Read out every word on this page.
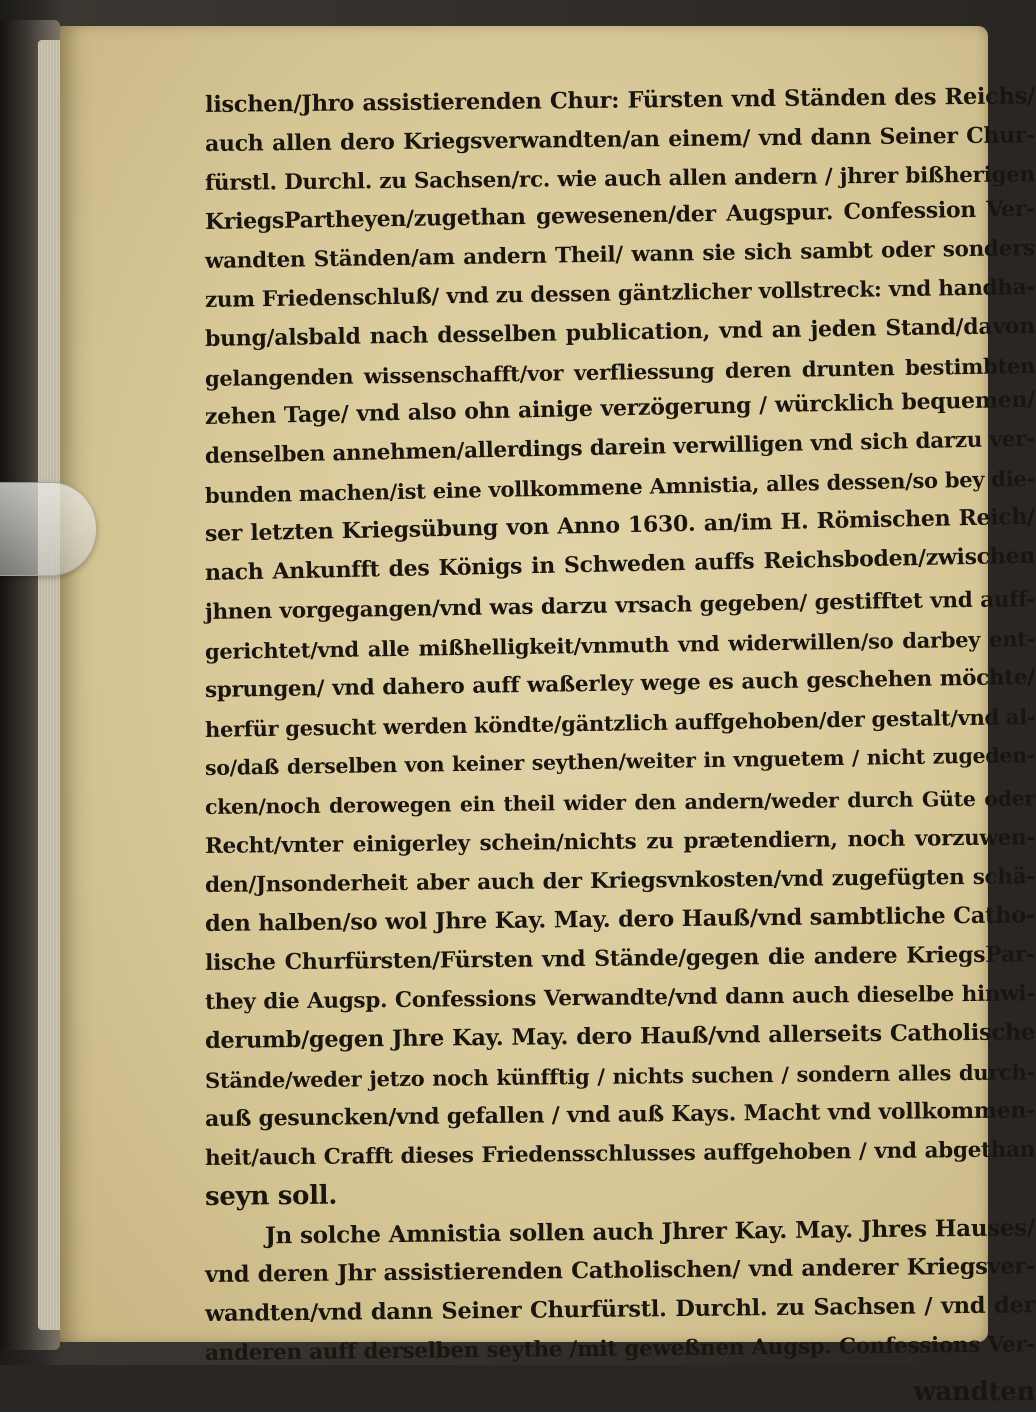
lischen/Jhro assistierenden Chur: Fürsten vnd Ständen des Reichs/
auch allen dero Kriegsverwandten/an einem/ vnd dann Seiner Chur-
fürstl. Durchl. zu Sachsen/rc. wie auch allen andern / jhrer bißherigen
KriegsPartheyen/zugethan gewesenen/der Augspur. Confession Ver-
wandten Ständen/am andern Theil/ wann sie sich sambt oder sonders
zum Friedenschluß/ vnd zu dessen gäntzlicher vollstreck: vnd handha-
bung/alsbald nach desselben publication, vnd an jeden Stand/davon
gelangenden wissenschafft/vor verfliessung deren drunten bestimbten
zehen Tage/ vnd also ohn ainige verzögerung / würcklich bequemen/
denselben annehmen/allerdings darein verwilligen vnd sich darzu ver-
bunden machen/ist eine vollkommene Amnistia, alles dessen/so bey die-
ser letzten Kriegsübung von Anno 1630. an/im H. Römischen Reich/
nach Ankunfft des Königs in Schweden auffs Reichsboden/zwischen
jhnen vorgegangen/vnd was darzu vrsach gegeben/ gestifftet vnd auff-
gerichtet/vnd alle mißhelligkeit/vnmuth vnd widerwillen/so darbey ent-
sprungen/ vnd dahero auff waßerley wege es auch geschehen möchte/
herfür gesucht werden köndte/gäntzlich auffgehoben/der gestalt/vnd al-
so/daß derselben von keiner seythen/weiter in vnguetem / nicht zugeden-
cken/noch derowegen ein theil wider den andern/weder durch Güte oder
Recht/vnter einigerley schein/nichts zu prætendiern, noch vorzuwen-
den/Jnsonderheit aber auch der Kriegsvnkosten/vnd zugefügten schä-
den halben/so wol Jhre Kay. May. dero Hauß/vnd sambtliche Catho-
lische Churfürsten/Fürsten vnd Stände/gegen die andere KriegsPar-
they die Augsp. Confessions Verwandte/vnd dann auch dieselbe hinwi-
derumb/gegen Jhre Kay. May. dero Hauß/vnd allerseits Catholische
Stände/weder jetzo noch künfftig / nichts suchen / sondern alles durch-
auß gesuncken/vnd gefallen / vnd auß Kays. Macht vnd vollkommen-
heit/auch Crafft dieses Friedensschlusses auffgehoben / vnd abgethan
seyn soll.
Jn solche Amnistia sollen auch Jhrer Kay. May. Jhres Hauses/
vnd deren Jhr assistierenden Catholischen/ vnd anderer Kriegsver-
wandten/vnd dann Seiner Churfürstl. Durchl. zu Sachsen / vnd der
anderen auff derselben seythe /mit geweßnen Augsp. Confessions Ver-
wandten
